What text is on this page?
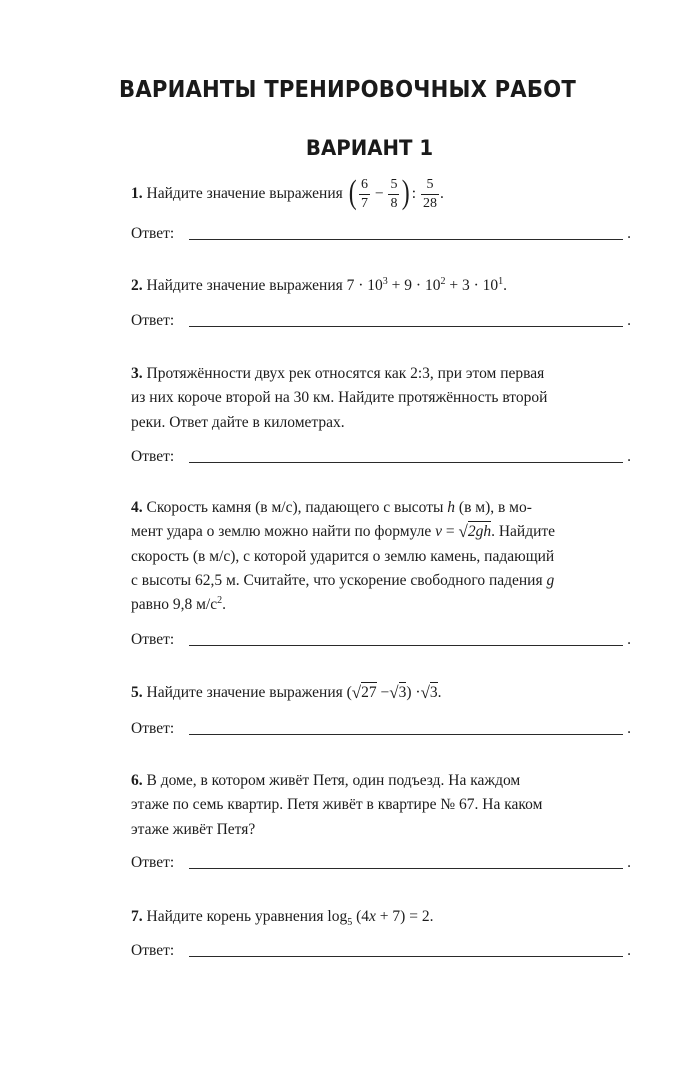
ВАРИАНТЫ ТРЕНИРОВОЧНЫХ РАБОТ
ВАРИАНТ 1
1. Найдите значение выражения ( $\frac{6}{7} - \frac{5}{8}$ ) : $\frac{5}{28}$ .
Ответ:	.
2. Найдите значение выражения $7 \cdot 10^3 + 9 \cdot 10^2 + 3 \cdot 10^1$.
Ответ:	.
3. Протяжённости двух рек относятся как 2:3, при этом первая
из них короче второй на 30 км. Найдите протяжённость второй
реки. Ответ дайте в километрах.
Ответ:	.
4. Скорость камня (в м/с), падающего с высоты h (в м), в мо-
мент удара о землю можно найти по формуле v = √2gh. Найдите
скорость (в м/с), с которой ударится о землю камень, падающий
с высоты 62,5 м. Считайте, что ускорение свободного падения g
равно 9,8 $м/с^2$.
Ответ:	.
5. Найдите значение выражения (√27 −√3) ·√3.
Ответ:	.
6. В доме, в котором живёт Петя, один подъезд. На каждом
этаже по семь квартир. Петя живёт в квартире № 67. На каком
этаже живёт Петя?
Ответ:	.
7. Найдите корень уравнения $\log_5 (4x + 7) = 2$.
Ответ:	.
